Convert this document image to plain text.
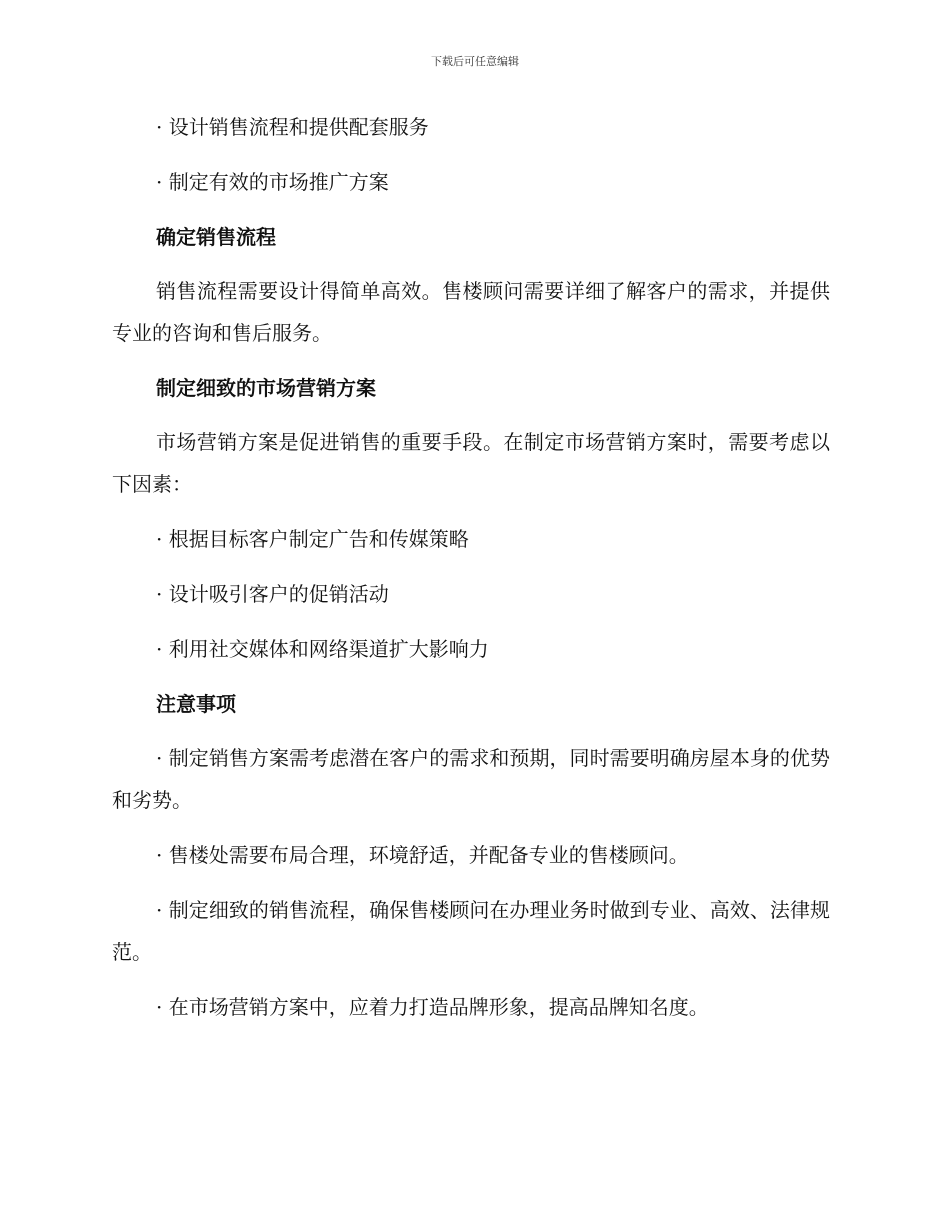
下载后可任意编辑

· 设计销售流程和提供配套服务

· 制定有效的市场推广方案

确定销售流程

销售流程需要设计得简单高效。售楼顾问需要详细了解客户的需求，并提供专业的咨询和售后服务。

制定细致的市场营销方案

市场营销方案是促进销售的重要手段。在制定市场营销方案时，需要考虑以下因素：

· 根据目标客户制定广告和传媒策略

· 设计吸引客户的促销活动

· 利用社交媒体和网络渠道扩大影响力

注意事项

· 制定销售方案需考虑潜在客户的需求和预期，同时需要明确房屋本身的优势和劣势。

· 售楼处需要布局合理，环境舒适，并配备专业的售楼顾问。

· 制定细致的销售流程，确保售楼顾问在办理业务时做到专业、高效、法律规范。

· 在市场营销方案中，应着力打造品牌形象，提高品牌知名度。
